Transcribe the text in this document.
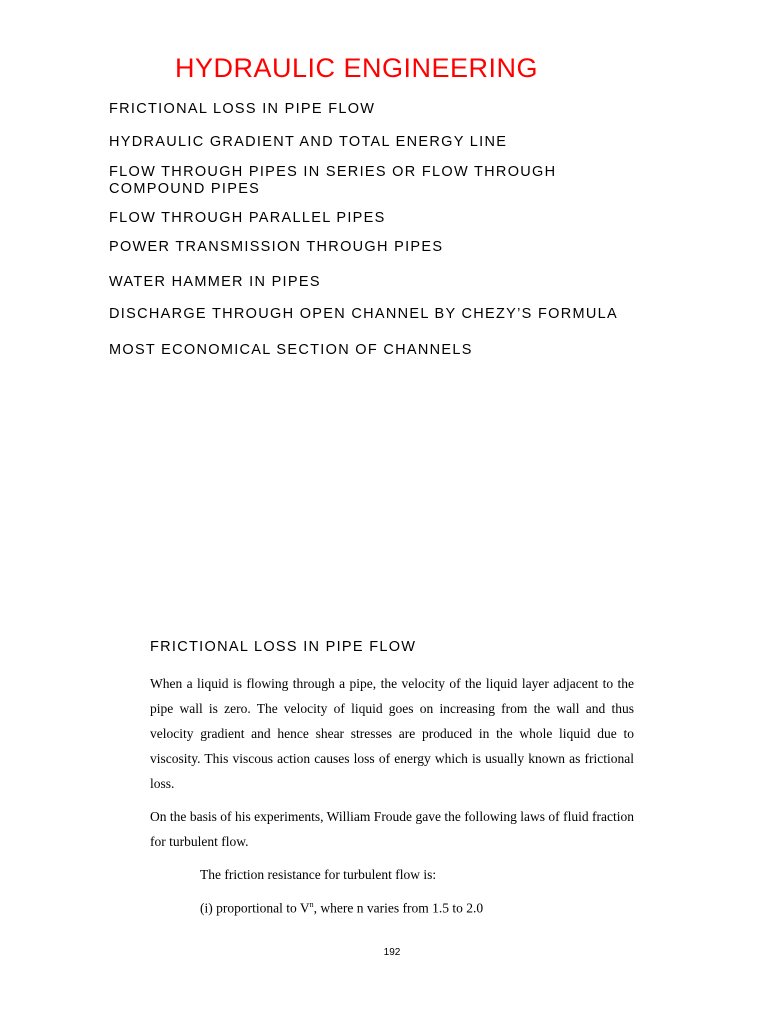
HYDRAULIC ENGINEERING
FRICTIONAL LOSS IN PIPE FLOW
HYDRAULIC GRADIENT AND TOTAL ENERGY LINE
FLOW THROUGH PIPES IN SERIES OR FLOW THROUGH
COMPOUND PIPES
FLOW THROUGH PARALLEL PIPES
POWER TRANSMISSION THROUGH PIPES
WATER HAMMER IN PIPES
DISCHARGE THROUGH OPEN CHANNEL BY CHEZY’S FORMULA
MOST ECONOMICAL SECTION OF CHANNELS
FRICTIONAL LOSS IN PIPE FLOW

When a liquid is flowing through a pipe, the velocity of the liquid layer adjacent to the pipe wall is zero. The velocity of liquid goes on increasing from the wall and thus velocity gradient and hence shear stresses are produced in the whole liquid due to viscosity. This viscous action causes loss of energy which is usually known as frictional loss.

On the basis of his experiments, William Froude gave the following laws of fluid fraction for turbulent flow.

The friction resistance for turbulent flow is:
(i) proportional to $V^n$, where n varies from 1.5 to 2.0
192
